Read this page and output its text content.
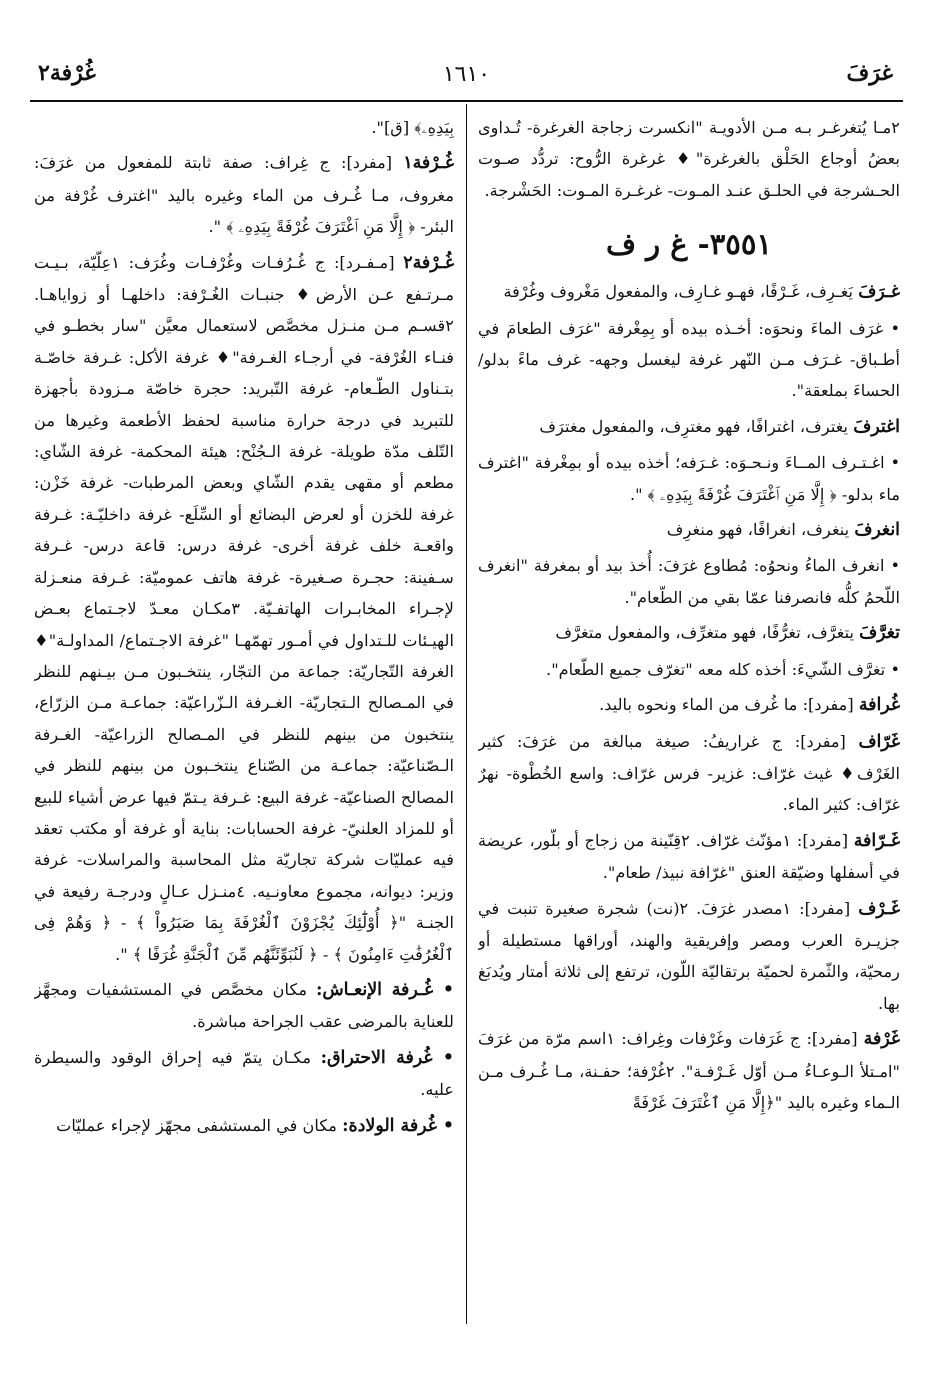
غُرْفة٢	١٦١٠	غرَفَ

٢مـا يُتغرغـر بـه مـن الأدويـة "انكسرت زجاجة الغرغرة- تُـداوى بعضُ أوجاع الحَلْق بالغرغرة"♦ غرغرة الرُّوح: تردُّد صـوت الحـشرجة في الحلـق عنـد المـوت- غرغـرة المـوت: الحَشْرجة.

٣٥٥١- غ ر ف

غـرَفَ يَغـرِف، غَـرْفًا، فهـو غـارِف، والمفعول مَغْروف وغُرْفة

• غرَف الماءَ ونحوَه: أخـذه بيده أو بِمِغْرفة "غرَف الطعامَ في أطـباق- غـرَف مـن النّهر غرفة ليغسل وجهه- غرف ماءً بدلو/ الحساءَ بملعقة".

اغترفَ يغترف، اغترافًا، فهو مغترِف، والمفعول مغترَف

• اغـتـرف المــاءَ ونـحـوَه: غـرَفه؛ أخذه بيده أو بمِغْرفة "اغترف ماء بدلو- ﴿ إِلَّا مَنِ ٱغْتَرَفَ غُرْفَةً بِيَدِهِۦ ﴾ ".

انغرفَ ينغرف، انغرافًا، فهو منغرِف

• انغرف الماءُ ونحوُه: مُطاوع غرَفَ: أُخذ بيد أو بمغرفة "انغرف اللّحمُ كلُّه فانصرفنا عمّا بقي من الطّعام".

تغرَّفَ يتغرَّف، تغرُّفًا، فهو متغرِّف، والمفعول متغرَّف

• تغرَّف الشّيءَ: أخذه كله معه "تغرّف جميع الطّعام".

غُرافة [مفرد]: ما غُرف من الماء ونحوه باليد.

غَرّاف [مفرد]: ج غراريفُ: صيغة مبالغة من غرَفَ: كثير الغَرْف♦ غيث غرّاف: غزير- فرس غرّاف: واسع الخُطْوة- نهرٌ غرّاف: كثير الماء.

غَـرّافة [مفرد]: ١مؤنّث غرّاف. ٢قِنّينة من زجاج أو بلّور، عريضة في أسفلها وضيّقة العنق "غرّافة نبيذ/ طعام".

غَـرْف [مفرد]: ١مصدر غرَفَ. ٢(نت) شجرة صغيرة تنبت في جزيـرة العرب ومصر وإفريقية والهند، أوراقها مستطيلة أو رمحيّة، والثّمرة لحميّة برتقاليّة اللّون، ترتفع إلى ثلاثة أمتار ويُدبَغ بها.

غَرْفة [مفرد]: ج غَرَفات وغَرْفات وغِراف: ١اسم مرّة من غرَفَ "امـتلأ الـوعـاءُ مـن أوّل غَـرْفـة". ٢غُرْفة؛ حفـنة، مـا غُـرف مـن الـماء وغيره باليد "﴿إِلَّا مَنِ ٱغْتَرَفَ غَرْفَةً

بِيَدِهِۦ﴾ [ق]".

غُـرْفة١ [مفرد]: ج غِراف: صفة ثابتة للمفعول من غرَفَ: مغروف، مـا غُـرف من الماء وغيره باليد "اغترف غُرْفة من البئر- ﴿ إِلَّا مَنِ ٱغْتَرَفَ غُرْفَةً بِيَدِهِۦ ﴾ ".

غُـرْفة٢ [مـفـرد]: ج غُـرُفـات وغُرْفـات وغُرَف: ١عِلّيّة، بـيـت مـرتـفع عـن الأرض♦ جنبـات الغُـرْفة: داخلهـا أو زواياهـا. ٢قسـم مـن منـزل مخصَّص لاستعمال معيَّن "سار بخطـو في فنـاء الغُرْفة- في أرجـاء الغـرفة"♦ غرفة الأكل: غـرفة خاصّـة بتـناول الطّـعام- غرفة التّبريد: حجرة خاصّة مـزودة بأجهزة للتبريد في درجة حرارة مناسبة لحفظ الأطعمة وغيرها من التّلف مدّة طويلة- غرفة الـجُنْح: هيئة المحكمة- غرفة الشّاي: مطعم أو مقهى يقدم الشّاي وبعض المرطبات- غرفة خَزْن: غرفة للخزن أو لعرض البضائع أو السِّلَع- غرفة داخليّـة: غـرفة واقعـة خلف غرفة أخرى- غرفة درس: قاعة درس- غـرفة سـفينة: حجـرة صـغيرة- غرفة هاتف عموميّة: غـرفة منعـزلة لإجـراء المخابـرات الهاتفـيّة. ٣مكـان معـدّ لاجـتماع بعـض الهيـئات للـتداول في أمـور تهمّهـا "غرفة الاجـتماع/ المداولـة"♦ الغرفة التّجاريّة: جماعة من التجّار، ينتخـبون مـن بيـنهم للنظر في المـصالح الـتجاريّة- الغـرفة الـزّراعيّة: جماعـة مـن الزرّاع، ينتخبون من بينهم للنظر في المـصالح الزراعيّة- الغـرفة الـصّناعيّة: جماعـة من الصّناع ينتخـبون من بينهم للنظر في المصالح الصناعيّة- غرفة البيع: غـرفة يـتمّ فيها عرض أشياء للبيع أو للمزاد العلنيّ- غرفة الحسابات: بناية أو غرفة أو مكتب تعقد فيه عمليّات شركة تجاريّة مثل المحاسبة والمراسلات- غرفة وزير: ديوانه، مجموع معاونـيه. ٤منـزل عـالٍ ودرجـة رفيعة في الجنـة "﴿ أُوْلَٰٓئِكَ يُجْزَوْنَ ٱلْغُرْفَةَ بِمَا صَبَرُواْ ﴾ - ﴿ وَهُمْ فِى ٱلْغُرُفَٰتِ ءَامِنُونَ ﴾ - ﴿ لَنُبَوِّئَنَّهُم مِّنَ ٱلْجَنَّةِ غُرَفًا ﴾ ".

• غُـرفة الإنعـاش: مكان مخصَّص في المستشفيات ومجهَّز للعناية بالمرضى عقب الجراحة مباشرة.

• غُرفة الاحتراق: مكـان يتمّ فيه إحراق الوقود والسيطرة عليه.

• غُرفة الولادة: مكان في المستشفى مجهّز لإجراء عمليّات
